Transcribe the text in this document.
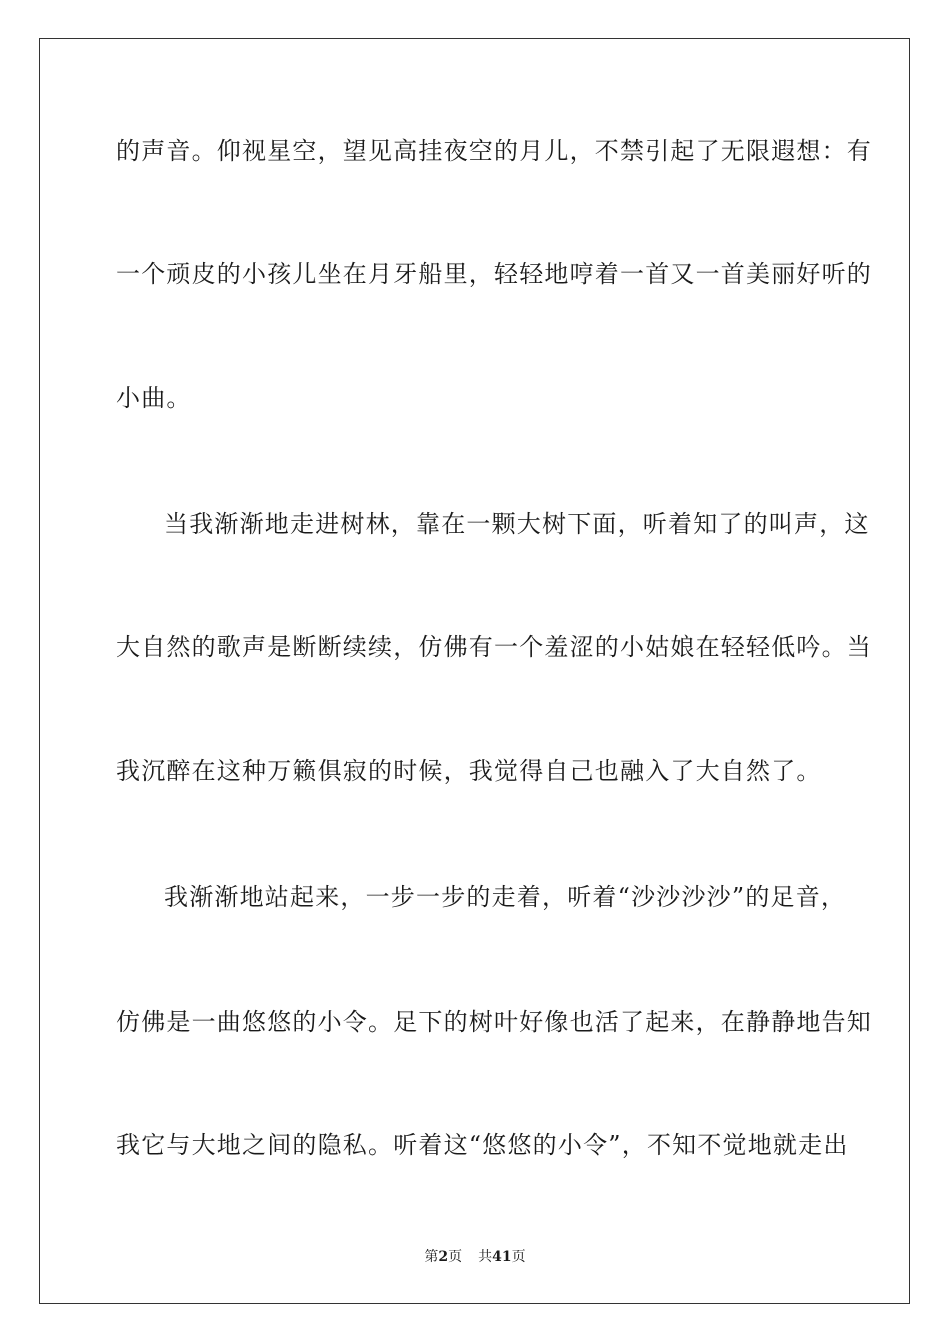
的声音。仰视星空，望见高挂夜空的月儿，不禁引起了无限遐想：有
一个顽皮的小孩儿坐在月牙船里，轻轻地哼着一首又一首美丽好听的
小曲。
当我渐渐地走进树林，靠在一颗大树下面，听着知了的叫声，这
大自然的歌声是断断续续，仿佛有一个羞涩的小姑娘在轻轻低吟。当
我沉醉在这种万籁俱寂的时候，我觉得自己也融入了大自然了。
我渐渐地站起来，一步一步的走着，听着“沙沙沙沙”的足音，
仿佛是一曲悠悠的小令。足下的树叶好像也活了起来，在静静地告知
我它与大地之间的隐私。听着这“悠悠的小令”，不知不觉地就走出
第2页 共41页
